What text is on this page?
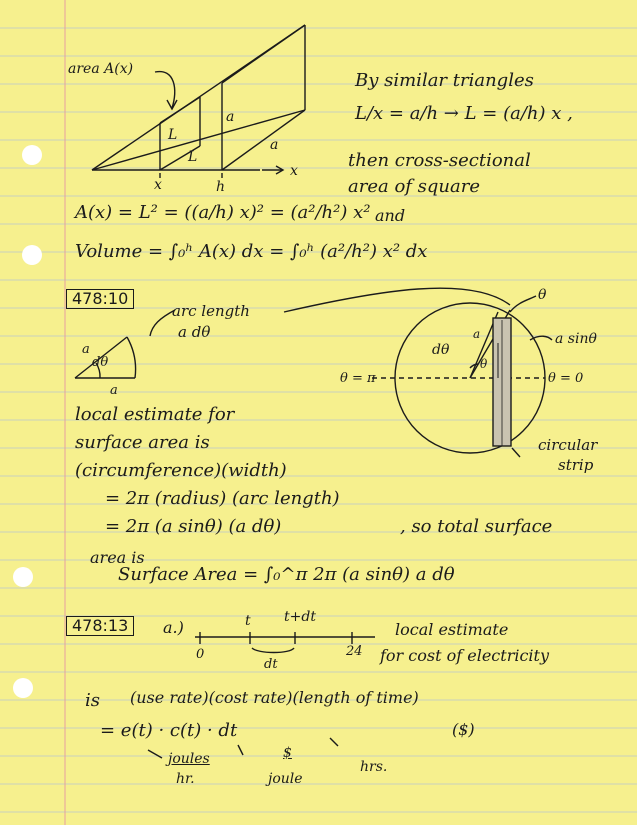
area A(x)
a
a
L
L
x	h
x
By similar triangles
L/x = a/h → L = (a/h) x ,
then cross-sectional
area of square
A(x) = L² = ((a/h) x)² = (a²/h²) x² and
Volume = ∫₀ʰ A(x) dx = ∫₀ʰ (a²/h²) x² dx
478:10
arc length
a dθ
a
a
dθ
θ
a sinθ
dθ
a
θ
θ = π	θ = 0
circular
strip
local estimate for
surface area is
(circumference)(width)
= 2π (radius) (arc length)
= 2π (a sinθ) (a dθ)	, so total surface
area is
Surface Area = ∫₀^π 2π (a sinθ) a dθ
478:13	a.)	t t+dt
0	24
dt
local estimate
for cost of electricity
is (use rate)(cost rate)(length of time)
= e(t) · c(t) · dt	($)
joules
hr.
$
joule
hrs.
